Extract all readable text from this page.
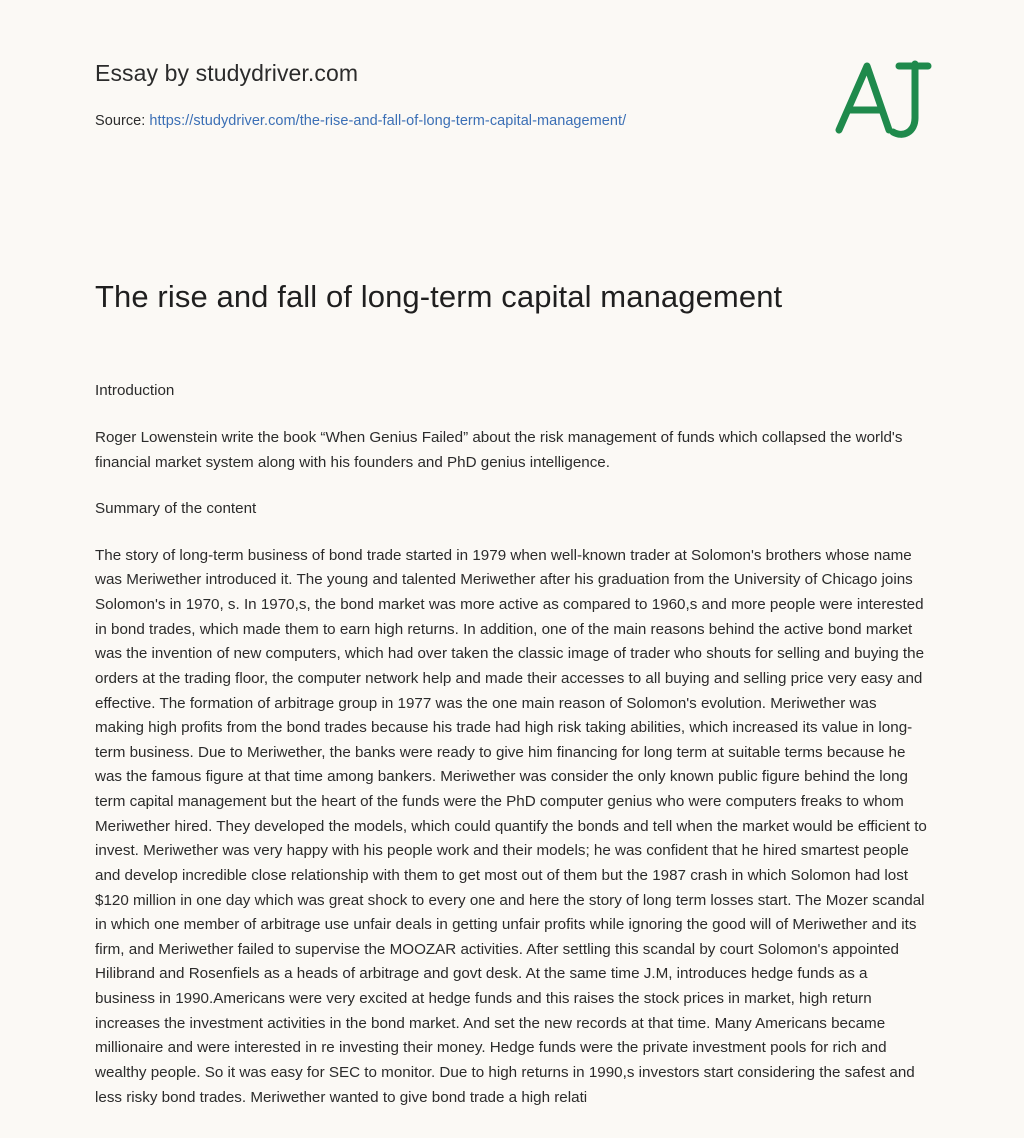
Essay by studydriver.com
Source: https://studydriver.com/the-rise-and-fall-of-long-term-capital-management/
The rise and fall of long-term capital management

Introduction

Roger Lowenstein write the book “When Genius Failed” about the risk management of funds which collapsed the world's financial market system along with his founders and PhD genius intelligence.

Summary of the content

The story of long-term business of bond trade started in 1979 when well-known trader at Solomon's brothers whose name was Meriwether introduced it. The young and talented Meriwether after his graduation from the University of Chicago joins Solomon's in 1970, s. In 1970,s, the bond market was more active as compared to 1960,s and more people were interested in bond trades, which made them to earn high returns. In addition, one of the main reasons behind the active bond market was the invention of new computers, which had over taken the classic image of trader who shouts for selling and buying the orders at the trading floor, the computer network help and made their accesses to all buying and selling price very easy and effective. The formation of arbitrage group in 1977 was the one main reason of Solomon's evolution. Meriwether was making high profits from the bond trades because his trade had high risk taking abilities, which increased its value in long-term business. Due to Meriwether, the banks were ready to give him financing for long term at suitable terms because he was the famous figure at that time among bankers. Meriwether was consider the only known public figure behind the long term capital management but the heart of the funds were the PhD computer genius who were computers freaks to whom Meriwether hired. They developed the models, which could quantify the bonds and tell when the market would be efficient to invest. Meriwether was very happy with his people work and their models; he was confident that he hired smartest people and develop incredible close relationship with them to get most out of them but the 1987 crash in which Solomon had lost $120 million in one day which was great shock to every one and here the story of long term losses start. The Mozer scandal in which one member of arbitrage use unfair deals in getting unfair profits while ignoring the good will of Meriwether and its firm, and Meriwether failed to supervise the MOOZAR activities. After settling this scandal by court Solomon's appointed Hilibrand and Rosenfiels as a heads of arbitrage and govt desk. At the same time J.M, introduces hedge funds as a business in 1990.Americans were very excited at hedge funds and this raises the stock prices in market, high return increases the investment activities in the bond market. And set the new records at that time. Many Americans became millionaire and were interested in re investing their money. Hedge funds were the private investment pools for rich and wealthy people. So it was easy for SEC to monitor. Due to high returns in 1990,s investors start considering the safest and less risky bond trades. Meriwether wanted to give bond trade a high relati
